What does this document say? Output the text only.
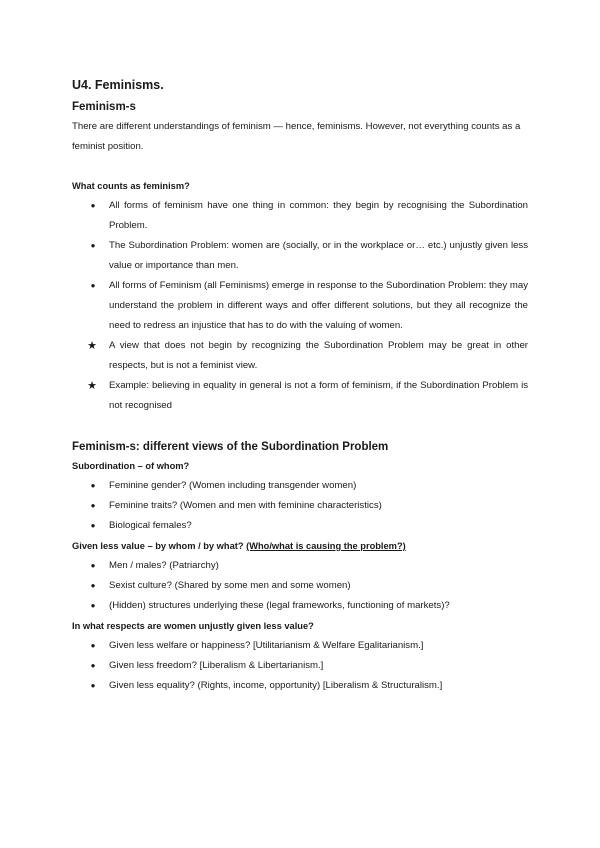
U4. Feminisms.
Feminism-s

There are different understandings of feminism — hence, feminisms. However, not everything counts as a feminist position.

What counts as feminism?
●	All forms of feminism have one thing in common: they begin by recognising the Subordination Problem.
●	The Subordination Problem: women are (socially, or in the workplace or… etc.) unjustly given less value or importance than men.
●	All forms of Feminism (all Feminisms) emerge in response to the Subordination Problem: they may understand the problem in different ways and offer different solutions, but they all recognize the need to redress an injustice that has to do with the valuing of women.
★ A view that does not begin by recognizing the Subordination Problem may be great in other respects, but is not a feminist view.
★ Example: believing in equality in general is not a form of feminism, if the Subordination Problem is not recognised
Feminism-s: different views of the Subordination Problem
Subordination – of whom?
●	Feminine gender? (Women including transgender women)
●	Feminine traits? (Women and men with feminine characteristics)
●	Biological females?
Given less value – by whom / by what? (Who/what is causing the problem?)
●	Men / males? (Patriarchy)
●	Sexist culture? (Shared by some men and some women)
●	(Hidden) structures underlying these (legal frameworks, functioning of markets)?
In what respects are women unjustly given less value?
●	Given less welfare or happiness? [Utilitarianism & Welfare Egalitarianism.]
●	Given less freedom? [Liberalism & Libertarianism.]
●	Given less equality? (Rights, income, opportunity) [Liberalism & Structuralism.]
